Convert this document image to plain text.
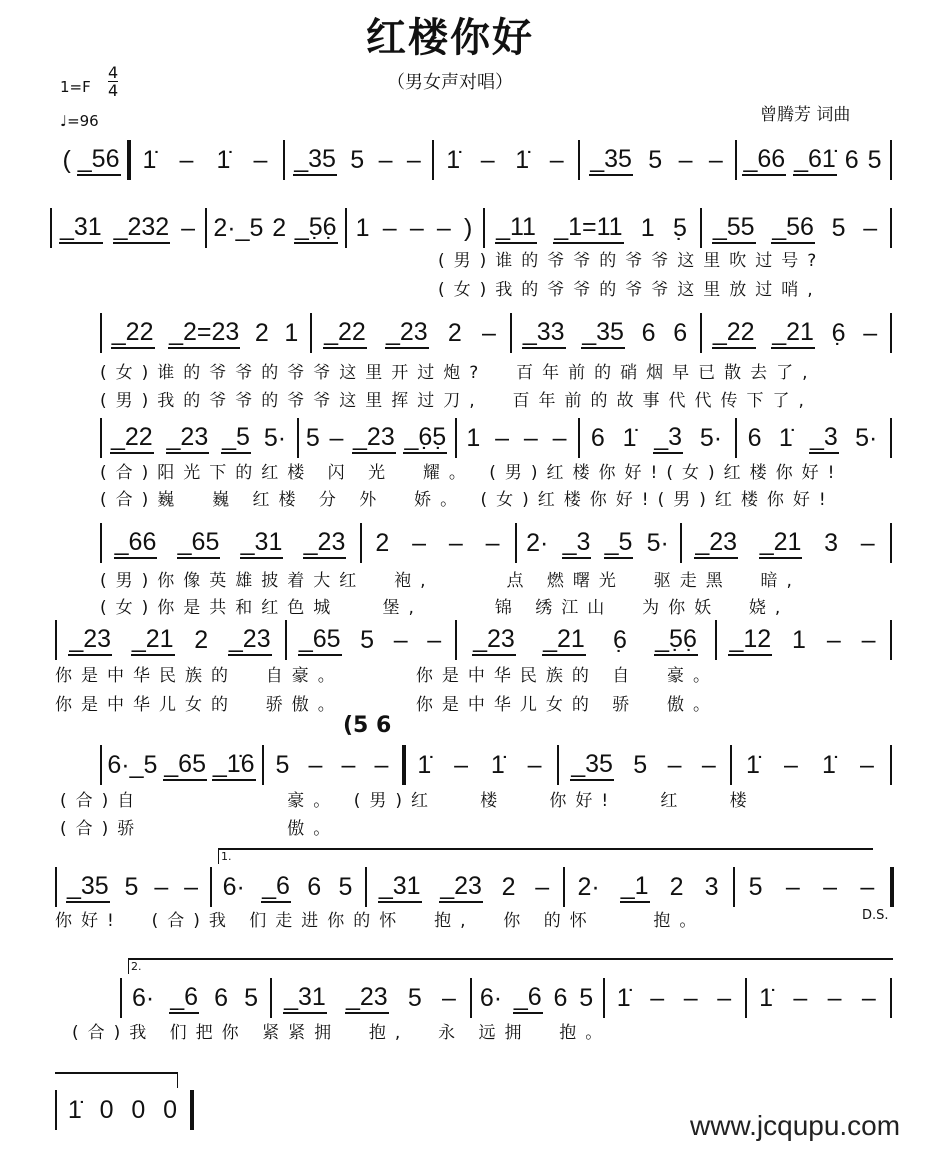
红楼你好
（男女声对唱）
曾腾芳 词曲
1=F
4
4
♩=96
(5 6
1.
2.
D.S.
www.jcqupu.com
( _56 1̇ – 1̇ – _35 5 – – 1̇ – 1̇ – _35 5 – – _66 _61̇ 6 5
_31 _232 – 2·_5 2 _5̣6̣ 1 – – – ) _11 _1=11 1 5̣ _55 _56 5 –
(男)谁的爷爷的爷爷这里吹过号?
(女)我的爷爷的爷爷这里放过哨,
_22 _2=23 2 1 _22 _23 2 – _33 _35 6 6 _22 _21 6̣ –
(女)谁的爷爷的爷爷这里开过炮?  百年前的硝烟早已散去了,
(男)我的爷爷的爷爷这里挥过刀,  百年前的故事代代传下了,
_22 _23 _5 5· 5 – _23 _6̣5̣ 1 – – – 6 1̇ _3 5· 6 1̇ _3 5·
(合)阳光下的红楼 闪 光  耀。 (男)红楼你好!(女)红楼你好!
(合)巍  巍 红楼 分 外  娇。 (女)红楼你好!(男)红楼你好!
_66 _65 _31 _23 2 – – – 2· _3 _5 5· _23 _21 3 –
(男)你像英雄披着大红  袍,     点 燃曙光  驱走黑  暗,
(女)你是共和红色城   堡,     锦 绣江山  为你妖  娆,
_23 _21 2 _23 _65 5 – – _23 _21 6̣ _5̣6̣ _12 1 – –
你是中华民族的  自豪。     你是中华民族的 自  豪。
你是中华儿女的  骄傲。     你是中华儿女的 骄  傲。
6·_5 _65 _1̇6 5 – – – 1̇ – 1̇ – _35 5 – – 1̇ – 1̇ –
(合)自          豪。 (男)红   楼   你好!   红   楼
(合)骄          傲。
_35 5 – – 6· _6 6 5 _31 _23 2 – 2· _1 2 3 5 – – –
你好!  (合)我 们走进你的怀  抱,  你 的怀    抱。
6· _6 6 5 _31 _23 5 – 6· _6 6 5 1̇ – – – 1̇ – – –
(合)我 们把你 紧紧拥  抱,  永 远拥  抱。
1̇ 0 0 0
